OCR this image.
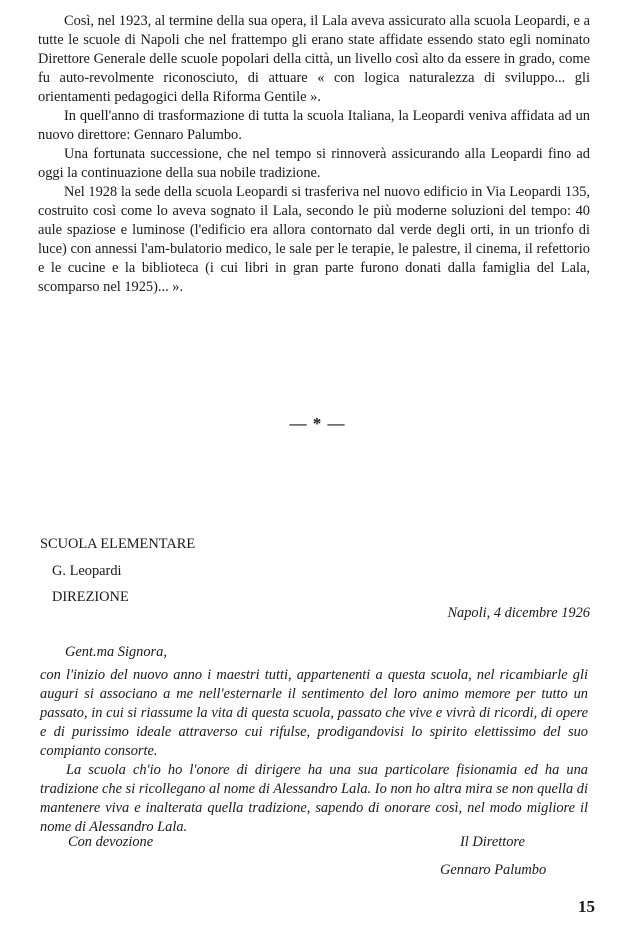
Così, nel 1923, al termine della sua opera, il Lala aveva assicurato alla scuola Leopardi, e a tutte le scuole di Napoli che nel frattempo gli erano state affidate essendo stato egli nominato Direttore Generale delle scuole popolari della città, un livello così alto da essere in grado, come fu auto-revolmente riconosciuto, di attuare « con logica naturalezza di sviluppo... gli orientamenti pedagogici della Riforma Gentile ».

In quell'anno di trasformazione di tutta la scuola Italiana, la Leopardi veniva affidata ad un nuovo direttore: Gennaro Palumbo.

Una fortunata successione, che nel tempo si rinnoverà assicurando alla Leopardi fino ad oggi la continuazione della sua nobile tradizione.

Nel 1928 la sede della scuola Leopardi si trasferiva nel nuovo edificio in Via Leopardi 135, costruito così come lo aveva sognato il Lala, secondo le più moderne soluzioni del tempo: 40 aule spaziose e luminose (l'edificio era allora contornato dal verde degli orti, in un trionfo di luce) con annessi l'am-bulatorio medico, le sale per le terapie, le palestre, il cinema, il refettorio e le cucine e la biblioteca (i cui libri in gran parte furono donati dalla famiglia del Lala, scomparso nel 1925)... ».

— * —
SCUOLA ELEMENTARE
G. Leopardi
DIREZIONE
Napoli, 4 dicembre 1926
Gent.ma Signora,

con l'inizio del nuovo anno i maestri tutti, appartenenti a questa scuola, nel ricambiarle gli auguri si associano a me nell'esternarle il sentimento del loro animo memore per tutto un passato, in cui si riassume la vita di questa scuola, passato che vive e vivrà di ricordi, di opere e di purissimo ideale attraverso cui rifulse, prodigandovisi lo spirito elettissimo del suo compianto consorte.

La scuola ch'io ho l'onore di dirigere ha una sua particolare fisionamia ed ha una tradizione che si ricollegano al nome di Alessandro Lala. Io non ho altra mira se non quella di mantenere viva e inalterata quella tradizione, sapendo di onorare così, nel modo migliore il nome di Alessandro Lala.

Con devozione	Il Direttore
Gennaro Palumbo
15
